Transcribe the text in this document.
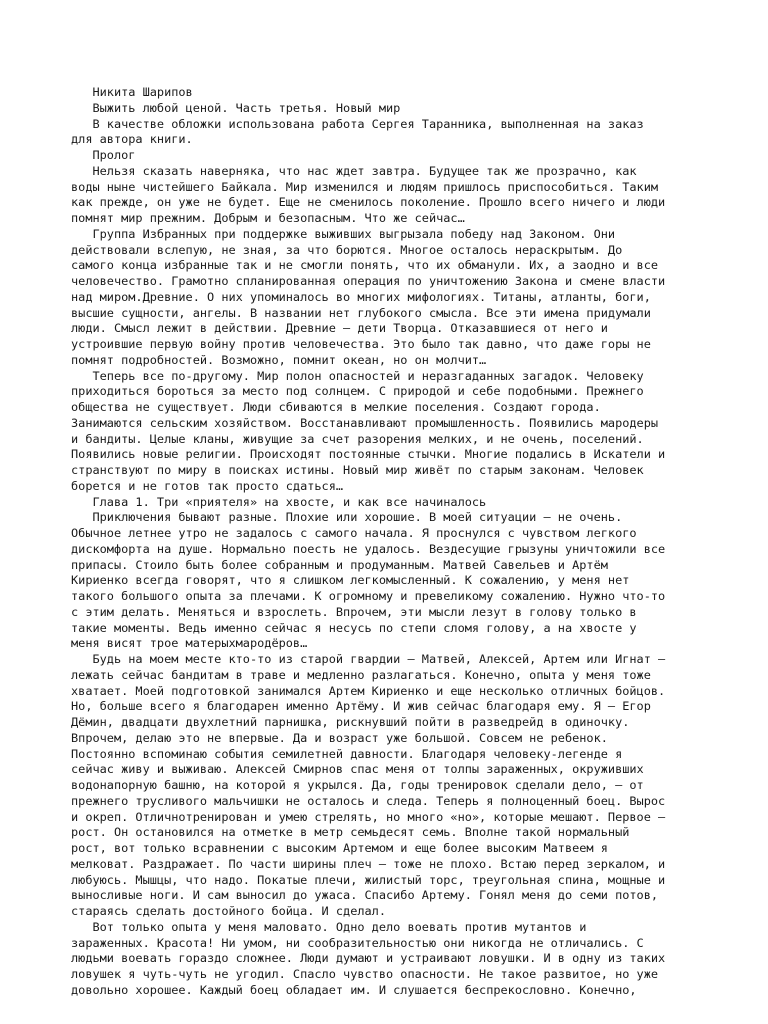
Никита Шарипов
Выжить любой ценой. Часть третья. Новый мир
В качестве обложки использована работа Сергея Таранника, выполненная на заказ
для автора книги.
Пролог
Нельзя сказать наверняка, что нас ждет завтра. Будущее так же прозрачно, как
воды ныне чистейшего Байкала. Мир изменился и людям пришлось приспособиться. Таким
как прежде, он уже не будет. Еще не сменилось поколение. Прошло всего ничего и люди
помнят мир прежним. Добрым и безопасным. Что же сейчас…
Группа Избранных при поддержке выживших выгрызала победу над Законом. Они
действовали вслепую, не зная, за что борются. Многое осталось нераскрытым. До
самого конца избранные так и не смогли понять, что их обманули. Их, а заодно и все
человечество. Грамотно спланированная операция по уничтожению Закона и смене власти
над миром.Древние. О них упоминалось во многих мифологиях. Титаны, атланты, боги,
высшие сущности, ангелы. В названии нет глубокого смысла. Все эти имена придумали
люди. Смысл лежит в действии. Древние – дети Творца. Отказавшиеся от него и
устроившие первую войну против человечества. Это было так давно, что даже горы не
помнят подробностей. Возможно, помнит океан, но он молчит…
Теперь все по-другому. Мир полон опасностей и неразгаданных загадок. Человеку
приходиться бороться за место под солнцем. С природой и себе подобными. Прежнего
общества не существует. Люди сбиваются в мелкие поселения. Создают города.
Занимаются сельским хозяйством. Восстанавливают промышленность. Появились мародеры
и бандиты. Целые кланы, живущие за счет разорения мелких, и не очень, поселений.
Появились новые религии. Происходят постоянные стычки. Многие подались в Искатели и
странствуют по миру в поисках истины. Новый мир живёт по старым законам. Человек
борется и не готов так просто сдаться…
Глава 1. Три «приятеля» на хвосте, и как все начиналось
Приключения бывают разные. Плохие или хорошие. В моей ситуации – не очень.
Обычное летнее утро не задалось с самого начала. Я проснулся с чувством легкого
дискомфорта на душе. Нормально поесть не удалось. Вездесущие грызуны уничтожили все
припасы. Стоило быть более собранным и продуманным. Матвей Савельев и Артём
Кириенко всегда говорят, что я слишком легкомысленный. К сожалению, у меня нет
такого большого опыта за плечами. К огромному и превеликому сожалению. Нужно что-то
с этим делать. Меняться и взрослеть. Впрочем, эти мысли лезут в голову только в
такие моменты. Ведь именно сейчас я несусь по степи сломя голову, а на хвосте у
меня висят трое матерыхмародёров…
Будь на моем месте кто-то из старой гвардии – Матвей, Алексей, Артем или Игнат –
лежать сейчас бандитам в траве и медленно разлагаться. Конечно, опыта у меня тоже
хватает. Моей подготовкой занимался Артем Кириенко и еще несколько отличных бойцов.
Но, больше всего я благодарен именно Артёму. И жив сейчас благодаря ему. Я – Егор
Дёмин, двадцати двухлетний парнишка, рискнувший пойти в разведрейд в одиночку.
Впрочем, делаю это не впервые. Да и возраст уже большой. Совсем не ребенок.
Постоянно вспоминаю события семилетней давности. Благодаря человеку-легенде я
сейчас живу и выживаю. Алексей Смирнов спас меня от толпы зараженных, окруживших
водонапорную башню, на которой я укрылся. Да, годы тренировок сделали дело, – от
прежнего трусливого мальчишки не осталось и следа. Теперь я полноценный боец. Вырос
и окреп. Отличнотренирован и умею стрелять, но много «но», которые мешают. Первое –
рост. Он остановился на отметке в метр семьдесят семь. Вполне такой нормальный
рост, вот только всравнении с высоким Артемом и еще более высоким Матвеем я
мелковат. Раздражает. По части ширины плеч – тоже не плохо. Встаю перед зеркалом, и
любуюсь. Мышцы, что надо. Покатые плечи, жилистый торс, треугольная спина, мощные и
выносливые ноги. И сам выносил до ужаса. Спасибо Артему. Гонял меня до семи потов,
стараясь сделать достойного бойца. И сделал.
Вот только опыта у меня маловато. Одно дело воевать против мутантов и
зараженных. Красота! Ни умом, ни сообразительностью они никогда не отличались. С
людьми воевать гораздо сложнее. Люди думают и устраивают ловушки. И в одну из таких
ловушек я чуть-чуть не угодил. Спасло чувство опасности. Не такое развитое, но уже
довольно хорошее. Каждый боец обладает им. И слушается беспрекословно. Конечно,
